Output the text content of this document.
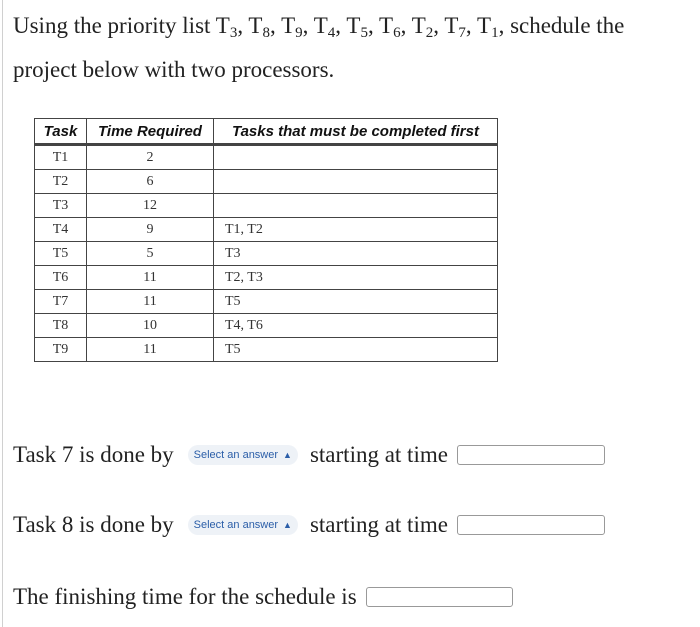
Using the priority list $T_3$, $T_8$, $T_9$, $T_4$, $T_5$, $T_6$, $T_2$, $T_7$, $T_1$, schedule the
project below with two processors.
Task	Time Required	Tasks that must be completed first
T1	2	
T2	6	
T3	12	
T4	9	T1, T2
T5	5	T3
T6	11	T2, T3
T7	11	T5
T8	10	T4, T6
T9	11	T5
Task 7 is done by Select an answer ▲︎ starting at time
Task 8 is done by Select an answer ▲︎ starting at time
The finishing time for the schedule is
